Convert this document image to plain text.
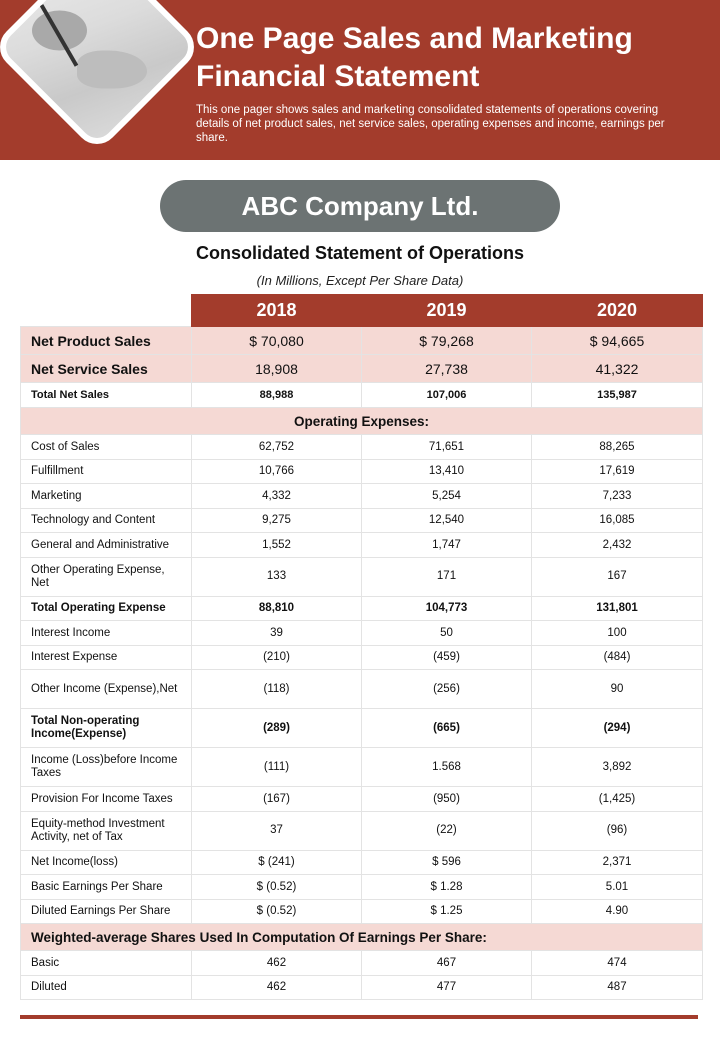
One Page Sales and Marketing
Financial Statement
This one pager shows sales and marketing consolidated statements of operations covering details of net product sales, net service sales, operating expenses and income, earnings per share.
ABC Company Ltd.
Consolidated Statement of Operations
(In Millions, Except Per Share Data)
	2018	2019	2020
Net Product Sales	$ 70,080	$ 79,268	$ 94,665
Net Service Sales	18,908	27,738	41,322
Total Net Sales	88,988	107,006	135,987
Operating Expenses:			
Cost of Sales	62,752	71,651	88,265
Fulfillment	10,766	13,410	17,619
Marketing	4,332	5,254	7,233
Technology and Content	9,275	12,540	16,085
General and Administrative	1,552	1,747	2,432
Other Operating Expense, Net	133	171	167
Total Operating Expense	88,810	104,773	131,801
Interest Income	39	50	100
Interest Expense	(210)	(459)	(484)
Other Income (Expense),Net	(118)	(256)	90
Total Non-operating Income(Expense)	(289)	(665)	(294)
Income (Loss)before Income Taxes	(111)	1.568	3,892
Provision For Income Taxes	(167)	(950)	(1,425)
Equity-method Investment Activity, net of Tax	37	(22)	(96)
Net Income(loss)	$ (241)	$ 596	2,371
Basic Earnings Per Share	$ (0.52)	$ 1.28	5.01
Diluted Earnings Per Share	$ (0.52)	$ 1.25	4.90
Weighted-average Shares Used In Computation Of Earnings Per Share:			
Basic	462	467	474
Diluted	462	477	487
